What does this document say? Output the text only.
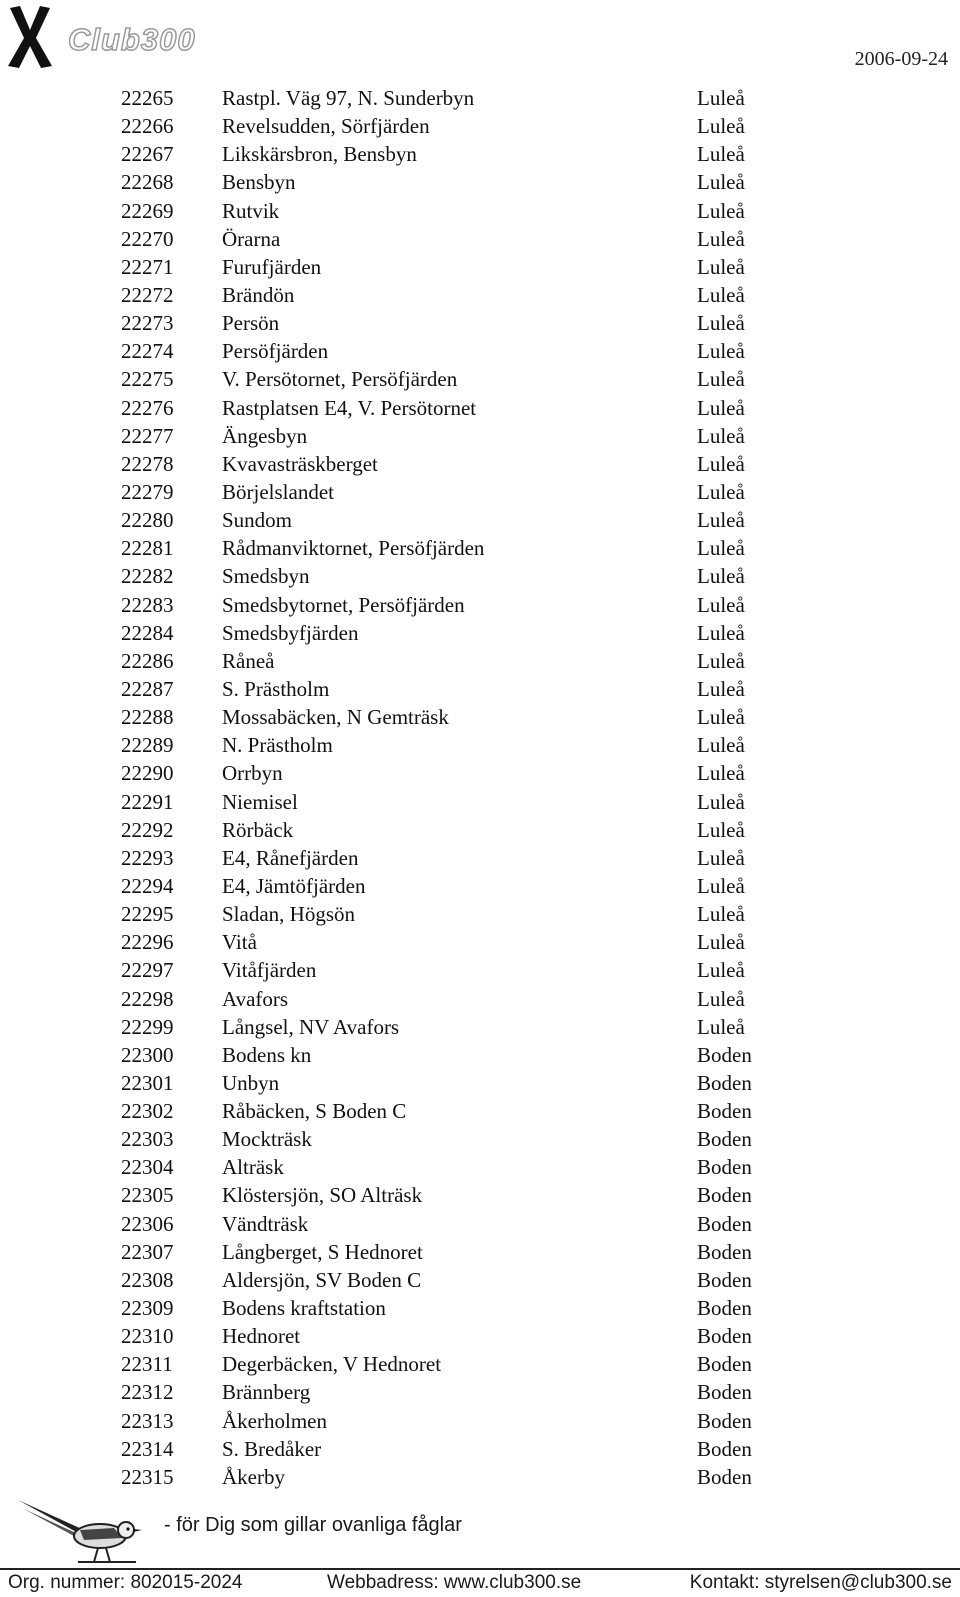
Club300
2006-09-24
22265 Rastpl. Väg 97, N. Sunderbyn	Luleå
22266 Revelsudden, Sörfjärden	Luleå
22267 Likskärsbron, Bensbyn	Luleå
22268 Bensbyn	Luleå
22269 Rutvik	Luleå
22270 Örarna	Luleå
22271 Furufjärden	Luleå
22272 Brändön	Luleå
22273 Persön	Luleå
22274 Persöfjärden	Luleå
22275 V. Persötornet, Persöfjärden	Luleå
22276 Rastplatsen E4, V. Persötornet	Luleå
22277 Ängesbyn	Luleå
22278 Kvavasträskberget	Luleå
22279 Börjelslandet	Luleå
22280 Sundom	Luleå
22281 Rådmanviktornet, Persöfjärden	Luleå
22282 Smedsbyn	Luleå
22283 Smedsbytornet, Persöfjärden	Luleå
22284 Smedsbyfjärden	Luleå
22286 Råneå	Luleå
22287 S. Prästholm	Luleå
22288 Mossabäcken, N Gemträsk	Luleå
22289 N. Prästholm	Luleå
22290 Orrbyn	Luleå
22291 Niemisel	Luleå
22292 Rörbäck	Luleå
22293 E4, Rånefjärden	Luleå
22294 E4, Jämtöfjärden	Luleå
22295 Sladan, Högsön	Luleå
22296 Vitå	Luleå
22297 Vitåfjärden	Luleå
22298 Avafors	Luleå
22299 Långsel, NV Avafors	Luleå
22300 Bodens kn	Boden
22301 Unbyn	Boden
22302 Råbäcken, S Boden C	Boden
22303 Mockträsk	Boden
22304 Alträsk	Boden
22305 Klöstersjön, SO Alträsk	Boden
22306 Vändträsk	Boden
22307 Långberget, S Hednoret	Boden
22308 Aldersjön, SV Boden C	Boden
22309 Bodens kraftstation	Boden
22310 Hednoret	Boden
22311 Degerbäcken, V Hednoret	Boden
22312 Brännberg	Boden
22313 Åkerholmen	Boden
22314 S. Bredåker	Boden
22315 Åkerby	Boden
- för Dig som gillar ovanliga fåglar
Org. nummer: 802015-2024	Webbadress: www.club300.se	Kontakt: styrelsen@club300.se
